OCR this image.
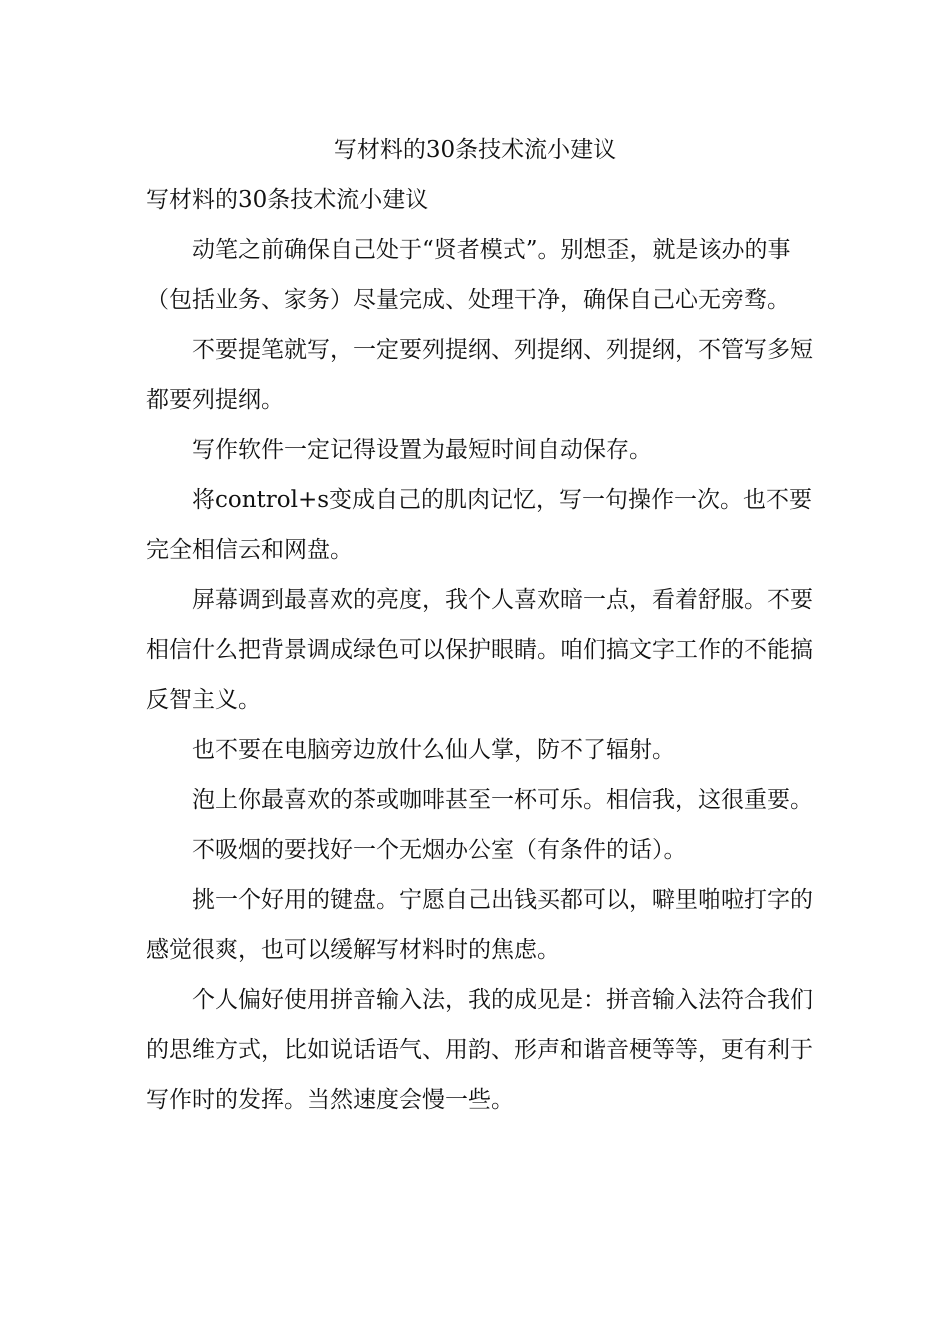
写材料的30条技术流小建议
写材料的30条技术流小建议

动笔之前确保自己处于“贤者模式”。别想歪，就是该办的事（包括业务、家务）尽量完成、处理干净，确保自己心无旁骛。

不要提笔就写，一定要列提纲、列提纲、列提纲，不管写多短都要列提纲。

写作软件一定记得设置为最短时间自动保存。

将control+s变成自己的肌肉记忆，写一句操作一次。也不要完全相信云和网盘。

屏幕调到最喜欢的亮度，我个人喜欢暗一点，看着舒服。不要相信什么把背景调成绿色可以保护眼睛。咱们搞文字工作的不能搞反智主义。

也不要在电脑旁边放什么仙人掌，防不了辐射。

泡上你最喜欢的茶或咖啡甚至一杯可乐。相信我，这很重要。

不吸烟的要找好一个无烟办公室（有条件的话）。

挑一个好用的键盘。宁愿自己出钱买都可以，噼里啪啦打字的感觉很爽，也可以缓解写材料时的焦虑。

个人偏好使用拼音输入法，我的成见是：拼音输入法符合我们的思维方式，比如说话语气、用韵、形声和谐音梗等等，更有利于写作时的发挥。当然速度会慢一些。
